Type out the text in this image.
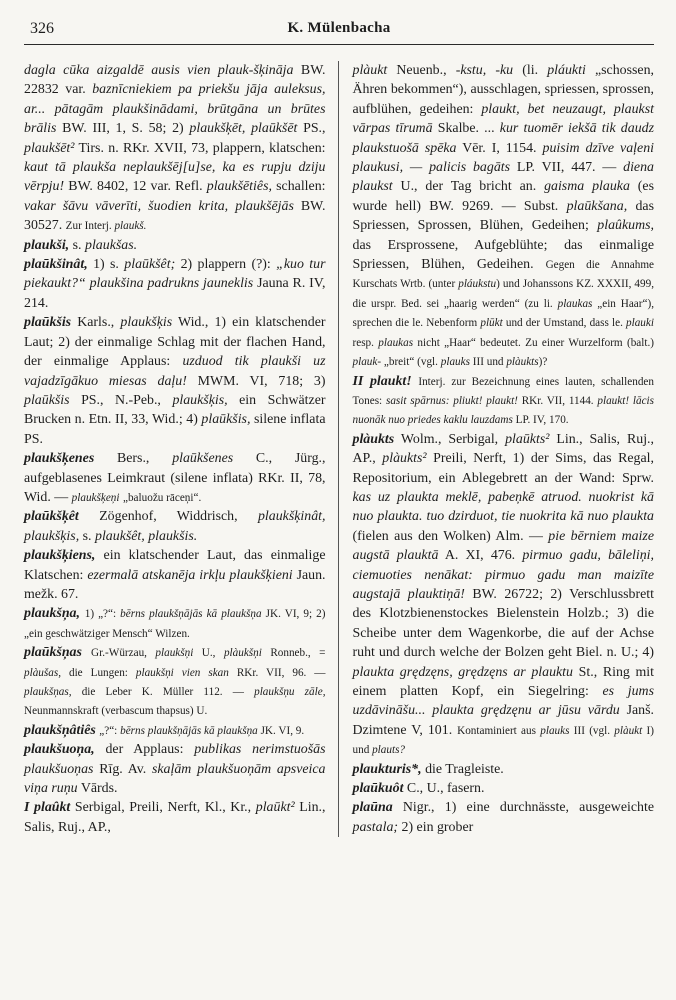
326	K. Mülenbacha

dagla cūka aizgaldē ausis vien plauk-šķināja BW. 22832 var. baznīcniekiem pa priekšu jāja auleksus, ar... pātagām plaukšinādami, brūtgāna un brūtes brālis BW. III, 1, S. 58; 2) plaukšķēt, plaūkšēt PS., plaukšēt² Tirs. n. RKr. XVII, 73, plappern, klatschen: kaut tā plaukša neplaukšēj[u]se, ka es rupju dziju vērpju! BW. 8402, 12 var. Refl. plaukšētiês, schallen: vakar šāvu vāverīti, šuodien krita, plaukšējās BW. 30527. Zur Interj. plaukš.

plaukši, s. plaukšas.

plaūkšinât, 1) s. plaūkšêt; 2) plappern (?): „kuo tur piekaukt?“ plaukšina padrukns jauneklis Jauna R. IV, 214.

plaūkšis Karls., plaukšķis Wid., 1) ein klatschender Laut; 2) der einmalige Schlag mit der flachen Hand, der einmalige Applaus: uzduod tik plaukši uz vajadzīgākuo miesas daļu! MWM. VI, 718; 3) plaūkšis PS., N.-Peb., plaukšķis, ein Schwätzer Brucken n. Etn. II, 33, Wid.; 4) plaūkšis, silene inflata PS.

plaukšķenes Bers., plaūkšenes C., Jürg., aufgeblasenes Leimkraut (silene inflata) RKr. II, 78, Wid. — plaukšķeņi „baluožu rāceņi“.

plaūkšķêt Zögenhof, Widdrisch, plaukšķinât, plaukšķis, s. plaukšêt, plaukšis.

plaukšķiens, ein klatschender Laut, das einmalige Klatschen: ezermalā atskanēja irkļu plaukšķieni Jaun. mežk. 67.

plaukšņa, 1) „?“: bērns plaukšņājās kā plaukšņa JK. VI, 9; 2) „ein geschwätziger Mensch“ Wilzen.

plaūkšņas Gr.-Würzau, plaukšņi U., plàukšņi Ronneb., = plàušas, die Lungen: plaukšņi vien skan RKr. VII, 96. — plaukšņas, die Leber K. Müller 112. — plaukšņu zāle, Neunmannskraft (verbascum thapsus) U.

plaukšņâtiês „?“: bērns plaukšņājās kā plaukšņa JK. VI, 9.

plaukšuoņa, der Applaus: publikas nerimstuošās plaukšuoņas Rīg. Av. skaļām plaukšuoņām apsveica viņa ruņu Vārds.

I plaûkt Serbigal, Preili, Nerft, Kl., Kr., plaūkt² Lin., Salis, Ruj., AP.,

plàukt Neuenb., -kstu, -ku (li. pláukti „schossen, Ähren bekommen“), ausschlagen, spriessen, sprossen, aufblühen, gedeihen: plaukt, bet neuzaugt, plaukst vārpas tīrumā Skalbe. ... kur tuomēr iekšā tik daudz plaukstuošā spēka Vēr. I, 1154. puisim dzīve vaļeni plaukusi, — palicis bagāts LP. VII, 447. — diena plaukst U., der Tag bricht an. gaisma plauka (es wurde hell) BW. 9269. — Subst. plaūkšana, das Spriessen, Sprossen, Blühen, Gedeihen; plaûkums, das Ersprossene, Aufgeblühte; das einmalige Spriessen, Blühen, Gedeihen. Gegen die Annahme Kurschats Wrtb. (unter pláukstu) und Johanssons KZ. XXXII, 499, die urspr. Bed. sei „haarig werden“ (zu li. plaukas „ein Haar“), sprechen die le. Nebenform plūkt und der Umstand, dass le. plauki resp. plaukas nicht „Haar“ bedeutet. Zu einer Wurzelform (balt.) plauk- „breit“ (vgl. plauks III und plàukts)?

II plaukt! Interj. zur Bezeichnung eines lauten, schallenden Tones: sasit spārnus: pliukt! plaukt! RKr. VII, 1144. plaukt! lācis nuonāk nuo priedes kaklu lauzdams LP. IV, 170.

plàukts Wolm., Serbigal, plaūkts² Lin., Salis, Ruj., AP., plàukts² Preili, Nerft, 1) der Sims, das Regal, Repositorium, ein Ablegebrett an der Wand: Sprw. kas uz plaukta meklē, pabeņkē atruod. nuokrist kā nuo plaukta. tuo dzirduot, tie nuokrita kā nuo plaukta (fielen aus den Wolken) Alm. — pie bērniem maize augstā plauktā A. XI, 476. pirmuo gadu, bāleliņi, ciemuoties nenākat: pirmuo gadu man maizīte augstajā plauktiņā! BW. 26722; 2) Verschlussbrett des Klotzbienenstockes Bielenstein Holzb.; 3) die Scheibe unter dem Wagenkorbe, die auf der Achse ruht und durch welche der Bolzen geht Biel. n. U.; 4) plaukta grędzęns, grędzęns ar plauktu St., Ring mit einem platten Kopf, ein Siegelring: es jums uzdāvināšu... plaukta grędzęnu ar jūsu vārdu Janš. Dzimtene V, 101. Kontaminiert aus plauks III (vgl. plàukt I) und plauts?

plaukturis*, die Tragleiste.

plaūkuôt C., U., fasern.

plaūna Nigr., 1) eine durchnässte, ausgeweichte pastala; 2) ein grober
